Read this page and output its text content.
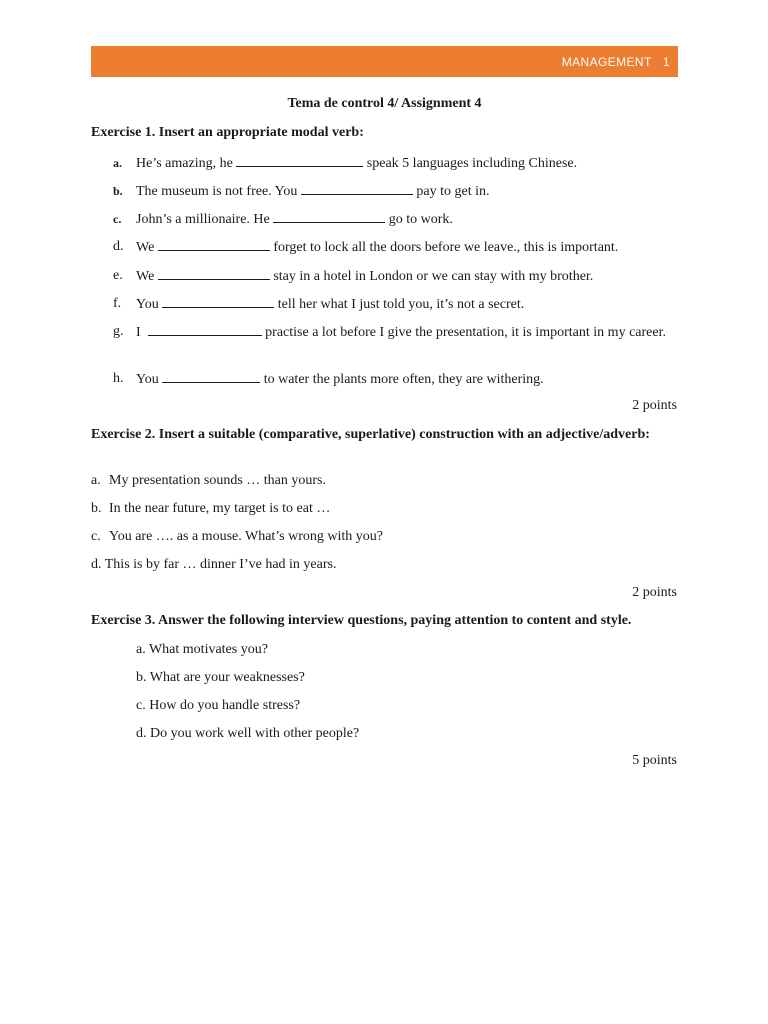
MANAGEMENT 1
Tema de control 4/ Assignment 4
Exercise 1. Insert an appropriate modal verb:
a.	He’s amazing, he	speak 5 languages including Chinese.
b. The museum is not free. You	pay to get in.
c.	John’s a millionaire. He	go to work.
d. We	forget to lock all the doors before we leave., this is important.
e. We	stay in a hotel in London or we can stay with my brother.
f.	You	tell her what I just told you, it’s not a secret.
g. I	practise a lot before I give the presentation, it is important in my career.
h. You	to water the plants more often, they are withering.
2 points
Exercise 2. Insert a suitable (comparative, superlative) construction with an adjective/adverb:
a. My presentation sounds … than yours.
b. In the near future, my target is to eat …
c. You are …. as a mouse. What’s wrong with you?
d. This is by far … dinner I’ve had in years.
2 points
Exercise 3. Answer the following interview questions, paying attention to content and style.
a. What motivates you?
b. What are your weaknesses?
c. How do you handle stress?
d. Do you work well with other people?
5 points
